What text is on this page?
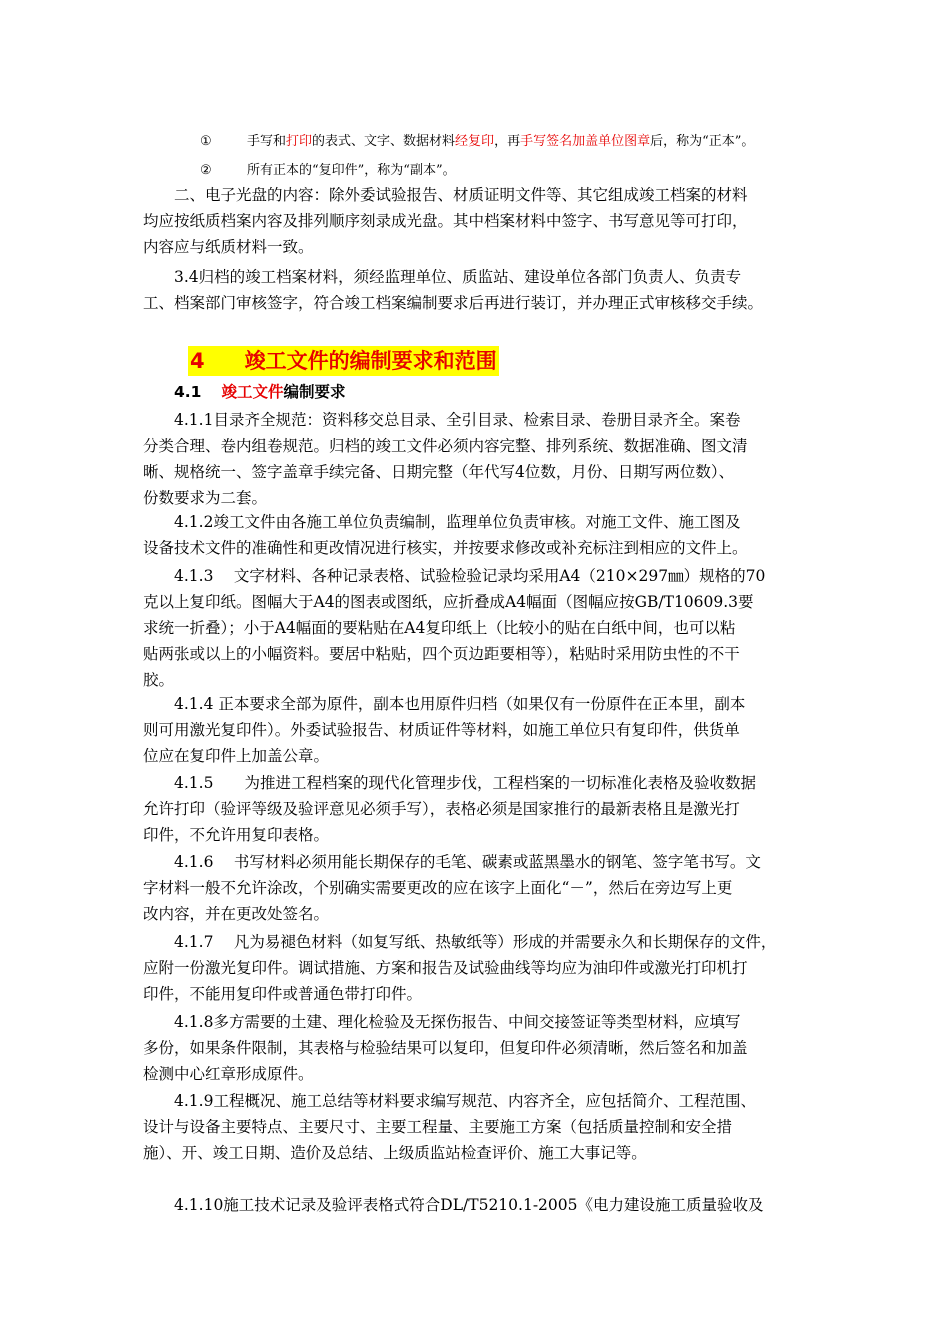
①	手写和打印的表式、文字、数据材料经复印，再手写签名加盖单位图章后，称为“正本”。
②	所有正本的“复印件”，称为“副本”。
二、电子光盘的内容：除外委试验报告、材质证明文件等、其它组成竣工档案的材料
均应按纸质档案内容及排列顺序刻录成光盘。其中档案材料中签字、书写意见等可打印，
内容应与纸质材料一致。
3.4归档的竣工档案材料，须经监理单位、质监站、建设单位各部门负责人、负责专
工、档案部门审核签字，符合竣工档案编制要求后再进行装订，并办理正式审核移交手续。
4 竣工文件的编制要求和范围
4.1 竣工文件编制要求
4.1.1目录齐全规范：资料移交总目录、全引目录、检索目录、卷册目录齐全。案卷
分类合理、卷内组卷规范。归档的竣工文件必须内容完整、排列系统、数据准确、图文清
晰、规格统一、签字盖章手续完备、日期完整（年代写4位数，月份、日期写两位数）、
份数要求为二套。
4.1.2竣工文件由各施工单位负责编制，监理单位负责审核。对施工文件、施工图及
设备技术文件的准确性和更改情况进行核实，并按要求修改或补充标注到相应的文件上。
4.1.3　 文字材料、各种记录表格、试验检验记录均采用A4（210×297㎜）规格的70
克以上复印纸。图幅大于A4的图表或图纸，应折叠成A4幅面（图幅应按GB/T10609.3要
求统一折叠）；小于A4幅面的要粘贴在A4复印纸上（比较小的贴在白纸中间，也可以粘
贴两张或以上的小幅资料。要居中粘贴，四个页边距要相等），粘贴时采用防虫性的不干
胶。
4.1.4 正本要求全部为原件，副本也用原件归档（如果仅有一份原件在正本里，副本
则可用激光复印件）。外委试验报告、材质证件等材料，如施工单位只有复印件，供货单
位应在复印件上加盖公章。
4.1.5　　为推进工程档案的现代化管理步伐，工程档案的一切标准化表格及验收数据
允许打印（验评等级及验评意见必须手写），表格必须是国家推行的最新表格且是激光打
印件，不允许用复印表格。
4.1.6　 书写材料必须用能长期保存的毛笔、碳素或蓝黑墨水的钢笔、签字笔书写。文
字材料一般不允许涂改，个别确实需要更改的应在该字上面化“－”，然后在旁边写上更
改内容，并在更改处签名。
4.1.7　 凡为易褪色材料（如复写纸、热敏纸等）形成的并需要永久和长期保存的文件，
应附一份激光复印件。调试措施、方案和报告及试验曲线等均应为油印件或激光打印机打
印件，不能用复印件或普通色带打印件。
4.1.8多方需要的土建、理化检验及无探伤报告、中间交接签证等类型材料，应填写
多份，如果条件限制，其表格与检验结果可以复印，但复印件必须清晰，然后签名和加盖
检测中心红章形成原件。
4.1.9工程概况、施工总结等材料要求编写规范、内容齐全，应包括简介、工程范围、
设计与设备主要特点、主要尺寸、主要工程量、主要施工方案（包括质量控制和安全措
施）、开、竣工日期、造价及总结、上级质监站检查评价、施工大事记等。
4.1.10施工技术记录及验评表格式符合DL/T5210.1-2005《电力建设施工质量验收及
